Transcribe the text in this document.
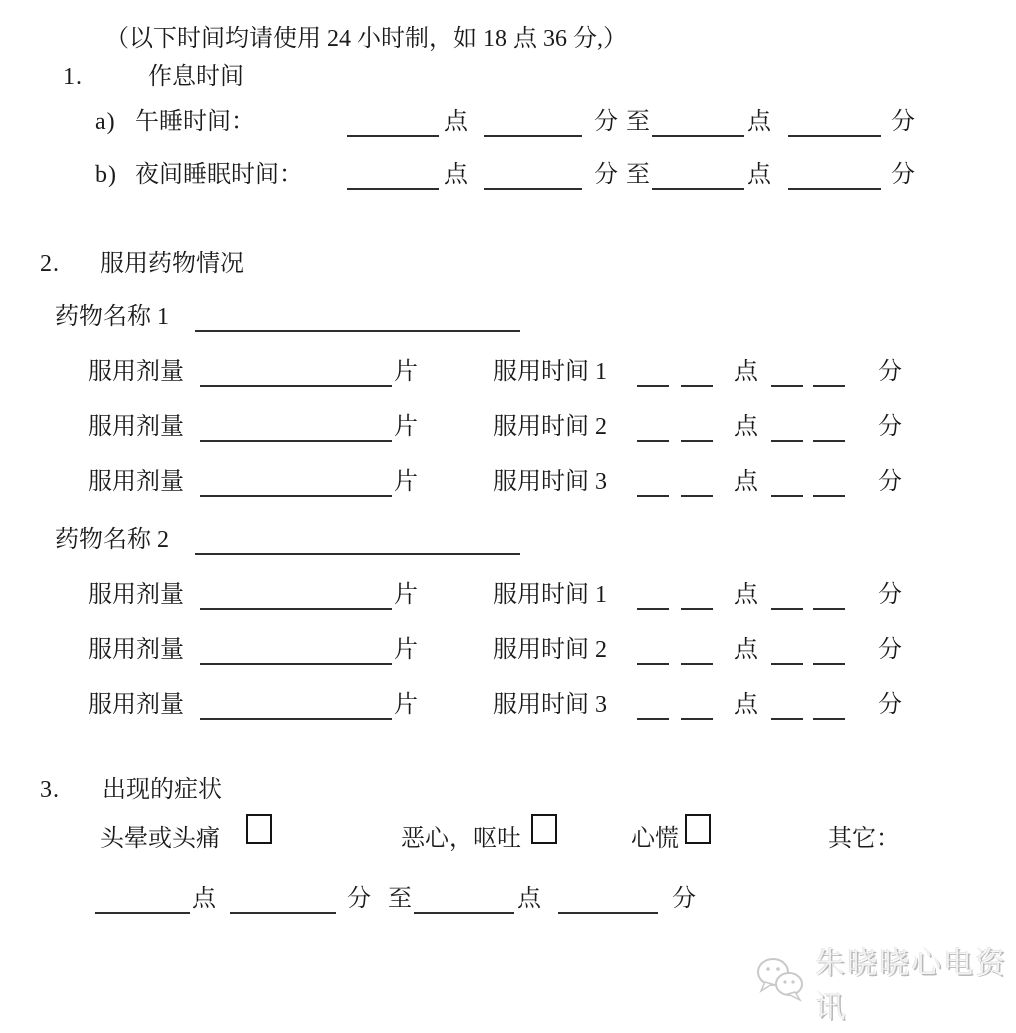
（以下时间均请使用 24 小时制，如 18 点 36 分,）
1.	作息时间
a) 午睡时间：	点	分 至	点	分
b) 夜间睡眠时间：	点	分 至	点	分
2. 服用药物情况
药物名称 1
服用剂量	片	服用时间 1	点	分
服用剂量	片	服用时间 2	点	分
服用剂量	片	服用时间 3	点	分
药物名称 2
服用剂量	片	服用时间 1	点	分
服用剂量	片	服用时间 2	点	分
服用剂量	片	服用时间 3	点	分
3. 出现的症状
头晕或头痛	恶心，呕吐	心慌	其它：
点	分 至	点	分
朱晓晓心电资讯
